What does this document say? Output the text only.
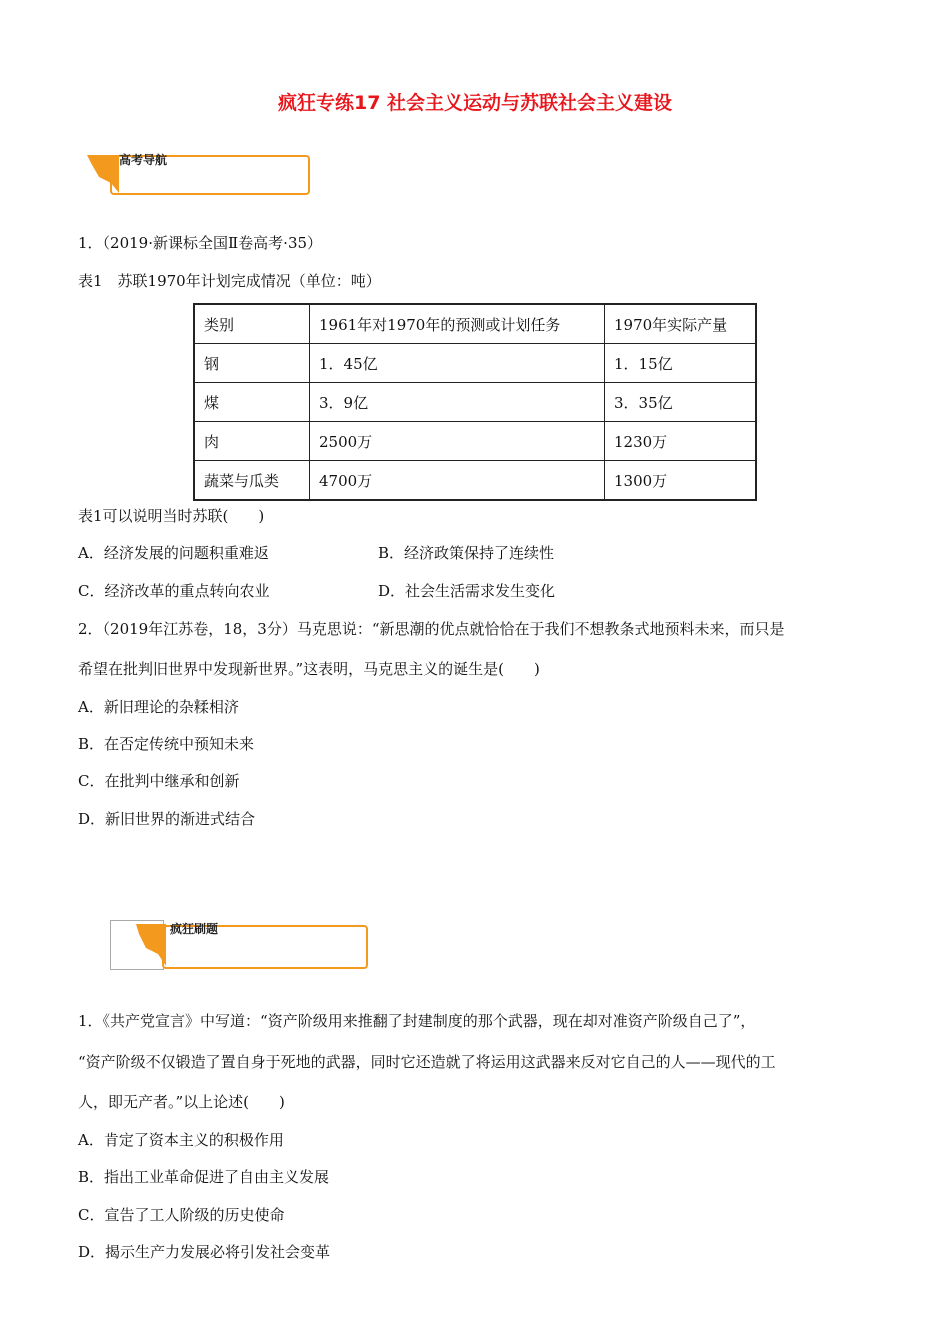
疯狂专练17 社会主义运动与苏联社会主义建设
高考导航
1．（2019·新课标全国Ⅱ卷高考·35）
表1　苏联1970年计划完成情况（单位：吨）
类别	1961年对1970年的预测或计划任务	1970年实际产量
钢	1．45亿	1．15亿
煤	3．9亿	3．35亿
肉	2500万	1230万
蔬菜与瓜类	4700万	1300万
表1可以说明当时苏联(　　)
A．经济发展的问题积重难返	B．经济政策保持了连续性
C．经济改革的重点转向农业	D．社会生活需求发生变化
2．（2019年江苏卷，18，3分）马克思说：“新思潮的优点就恰恰在于我们不想教条式地预料未来，而只是
希望在批判旧世界中发现新世界。”这表明，马克思主义的诞生是(　　)
A．新旧理论的杂糅相济
B．在否定传统中预知未来
C．在批判中继承和创新
D．新旧世界的渐进式结合
疯狂刷题
1．《共产党宣言》中写道：“资产阶级用来推翻了封建制度的那个武器，现在却对准资产阶级自己了”，
“资产阶级不仅锻造了置自身于死地的武器，同时它还造就了将运用这武器来反对它自己的人——现代的工
人，即无产者。”以上论述(　　)
A．肯定了资本主义的积极作用
B．指出工业革命促进了自由主义发展
C．宣告了工人阶级的历史使命
D．揭示生产力发展必将引发社会变革
